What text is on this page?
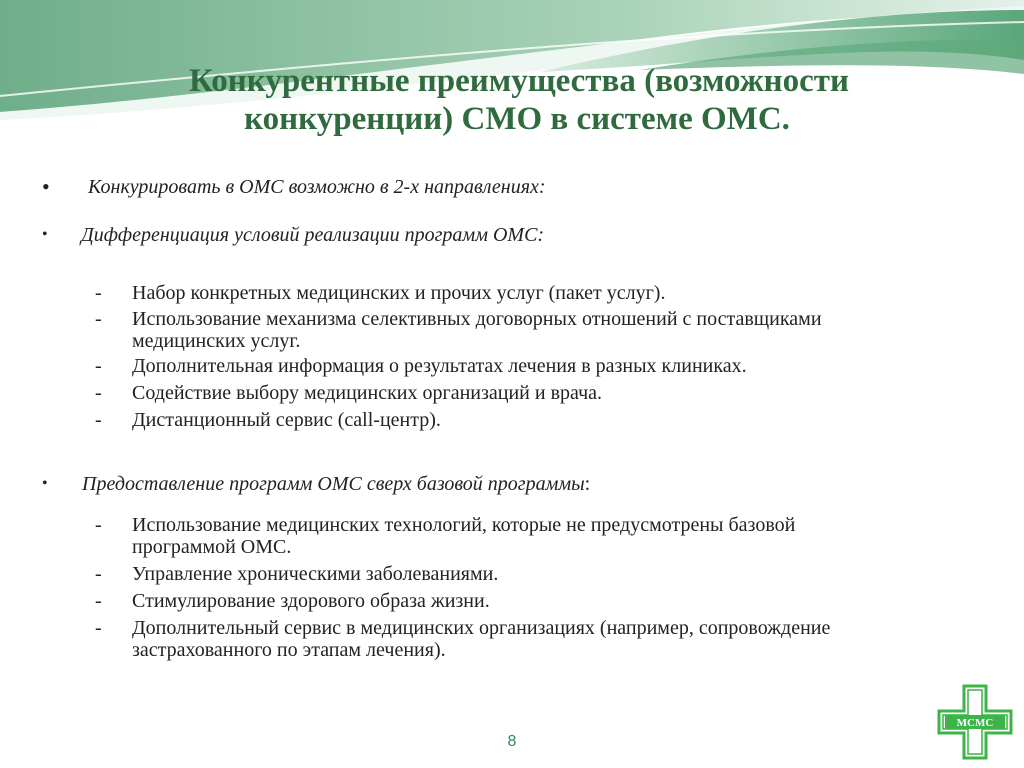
Конкурентные преимущества (возможности
конкуренции) СМО в системе ОМС.
• Конкурировать в ОМС возможно в 2-х направлениях:
• Дифференциация условий реализации программ ОМС:
- Набор конкретных медицинских и прочих услуг (пакет услуг).
- Использование механизма селективных договорных отношений с поставщиками медицинских услуг.
- Дополнительная информация о результатах лечения в разных клиниках.
- Содействие выбору медицинских организаций и врача.
- Дистанционный сервис (call-центр).
• Предоставление программ ОМС сверх базовой программы:
- Использование медицинских технологий, которые не предусмотрены базовой программой ОМС.
- Управление хроническими заболеваниями.
- Стимулирование здорового образа жизни.
- Дополнительный сервис в медицинских организациях (например, сопровождение застрахованного по этапам лечения).
8
МСМС
